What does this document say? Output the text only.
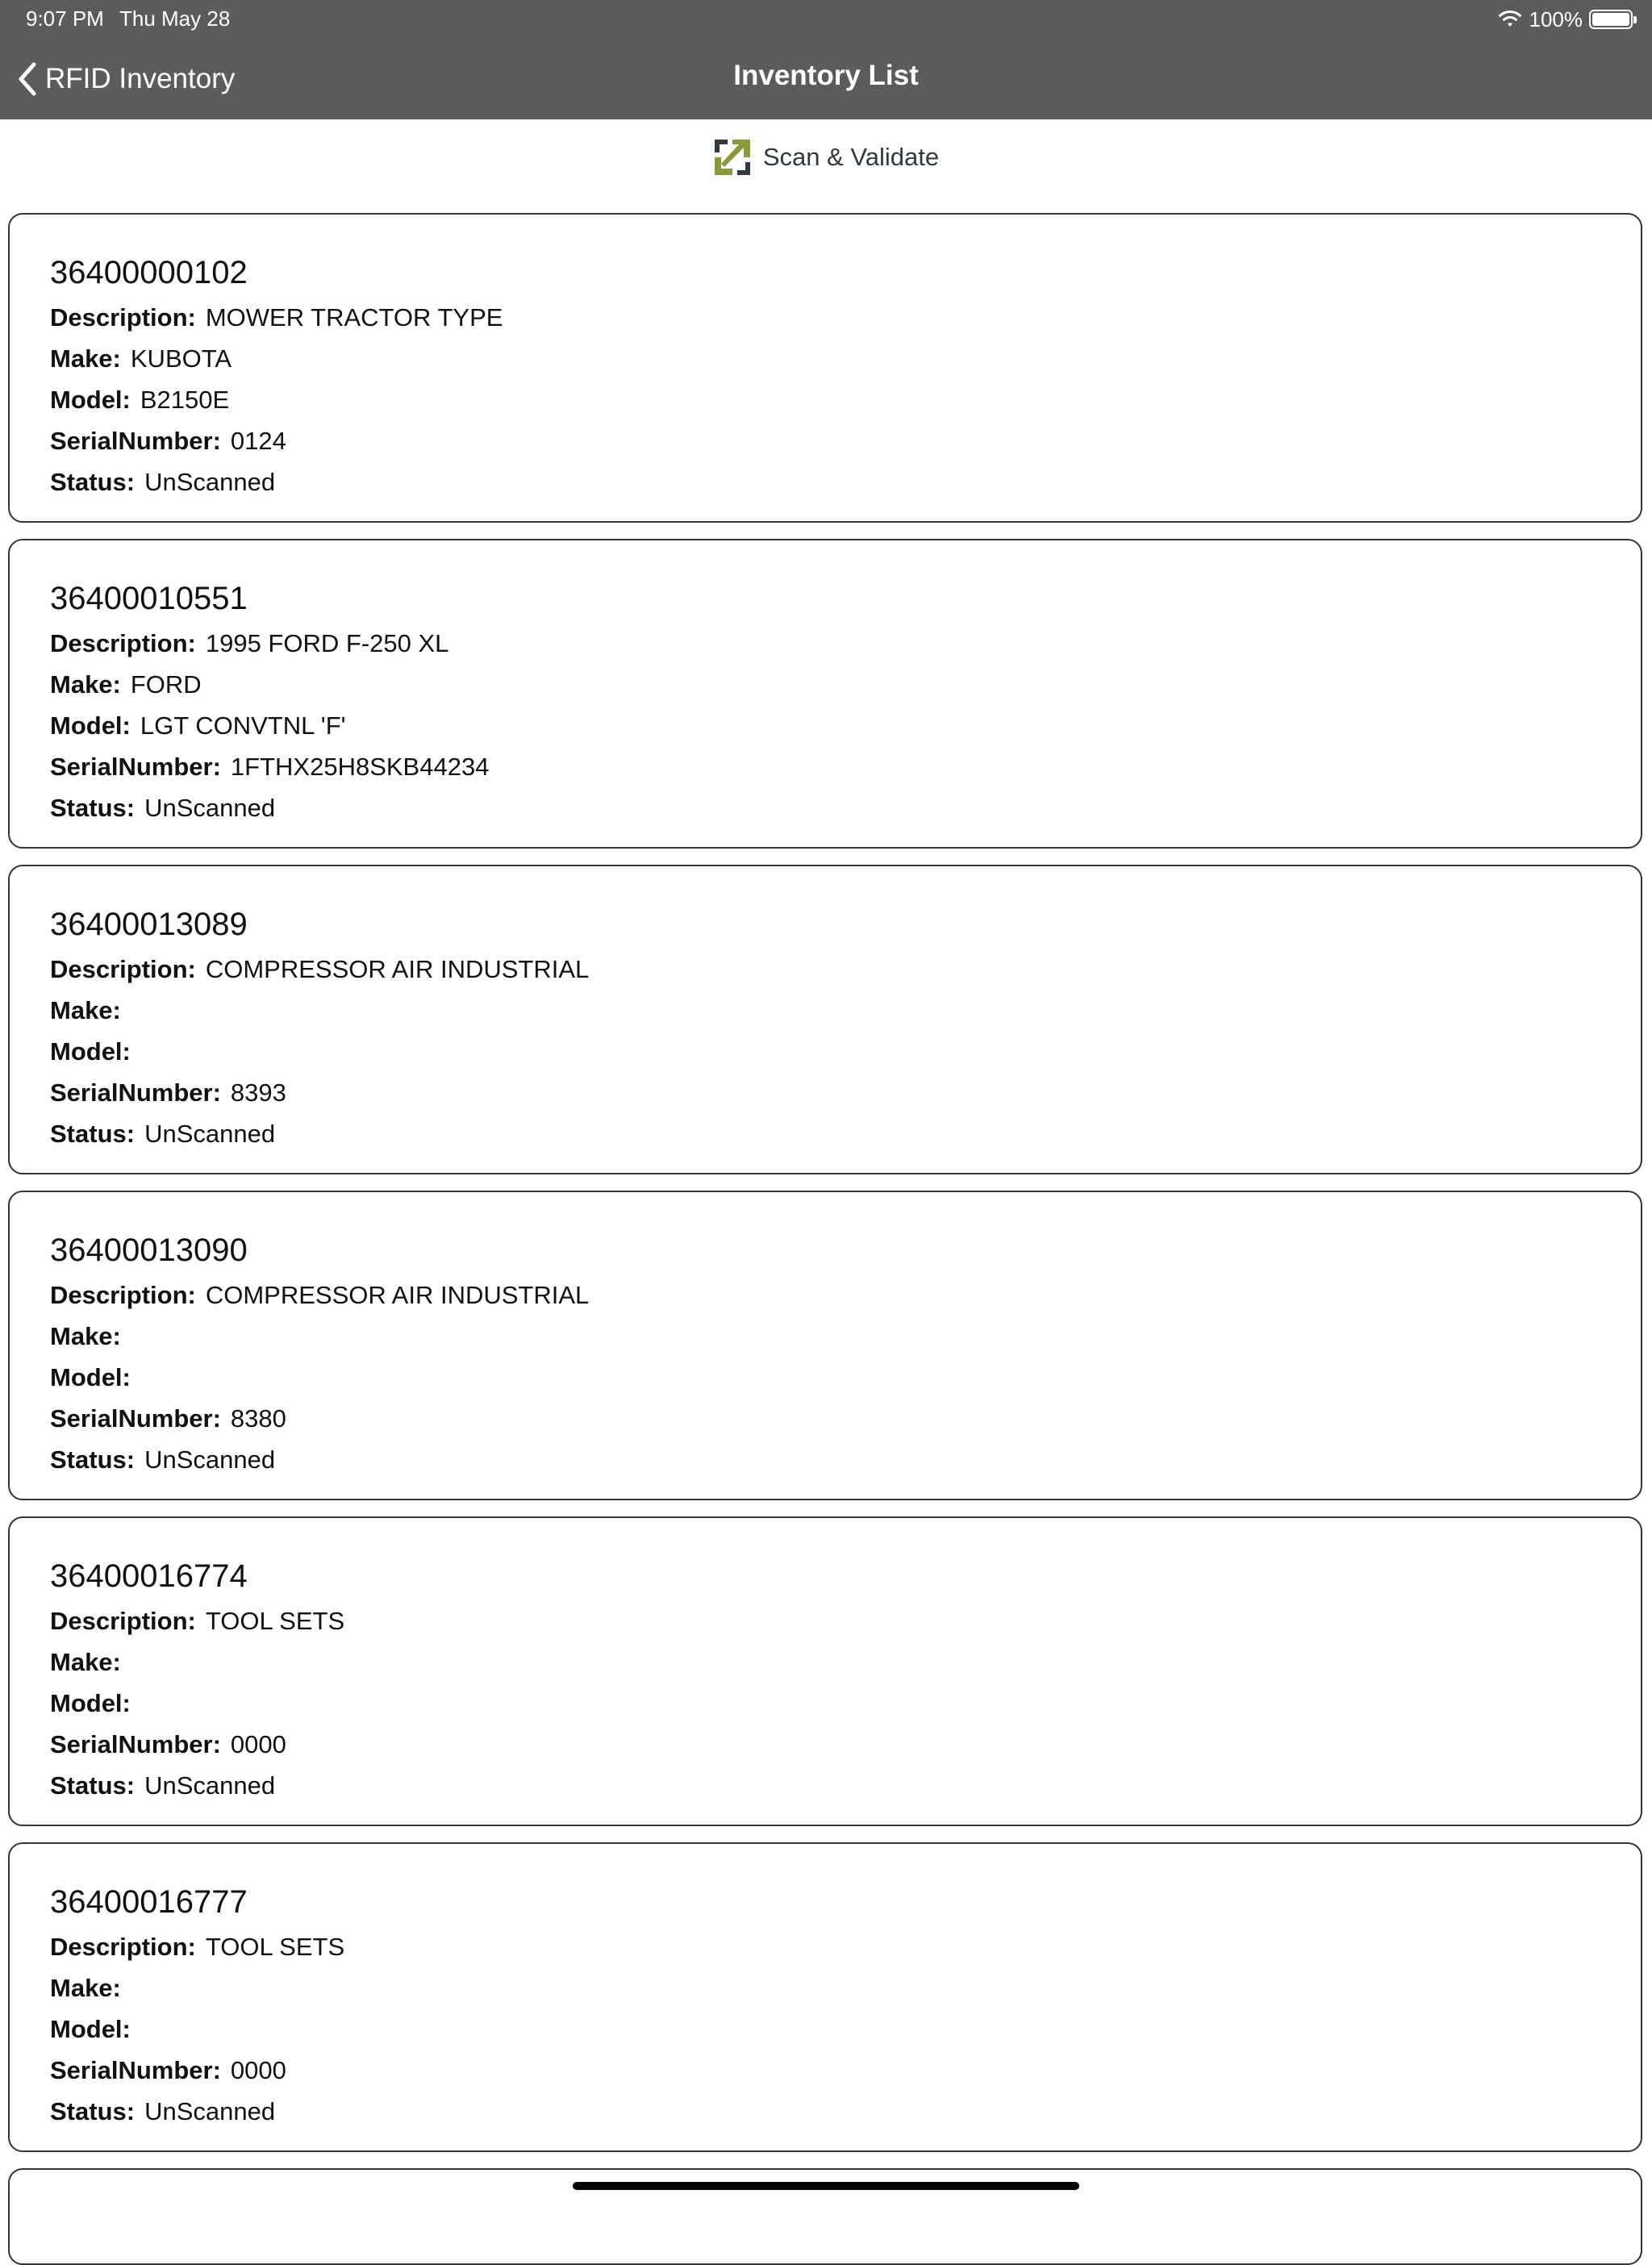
9:07 PM Thu May 28	100%
RFID Inventory	Inventory List
Scan & Validate
36400000102
Description: MOWER TRACTOR TYPE
Make: KUBOTA
Model: B2150E
SerialNumber: 0124
Status: UnScanned
36400010551
Description: 1995 FORD F-250 XL
Make: FORD
Model: LGT CONVTNL 'F'
SerialNumber: 1FTHX25H8SKB44234
Status: UnScanned
36400013089
Description: COMPRESSOR AIR INDUSTRIAL
Make:
Model:
SerialNumber: 8393
Status: UnScanned
36400013090
Description: COMPRESSOR AIR INDUSTRIAL
Make:
Model:
SerialNumber: 8380
Status: UnScanned
36400016774
Description: TOOL SETS
Make:
Model:
SerialNumber: 0000
Status: UnScanned
36400016777
Description: TOOL SETS
Make:
Model:
SerialNumber: 0000
Status: UnScanned
